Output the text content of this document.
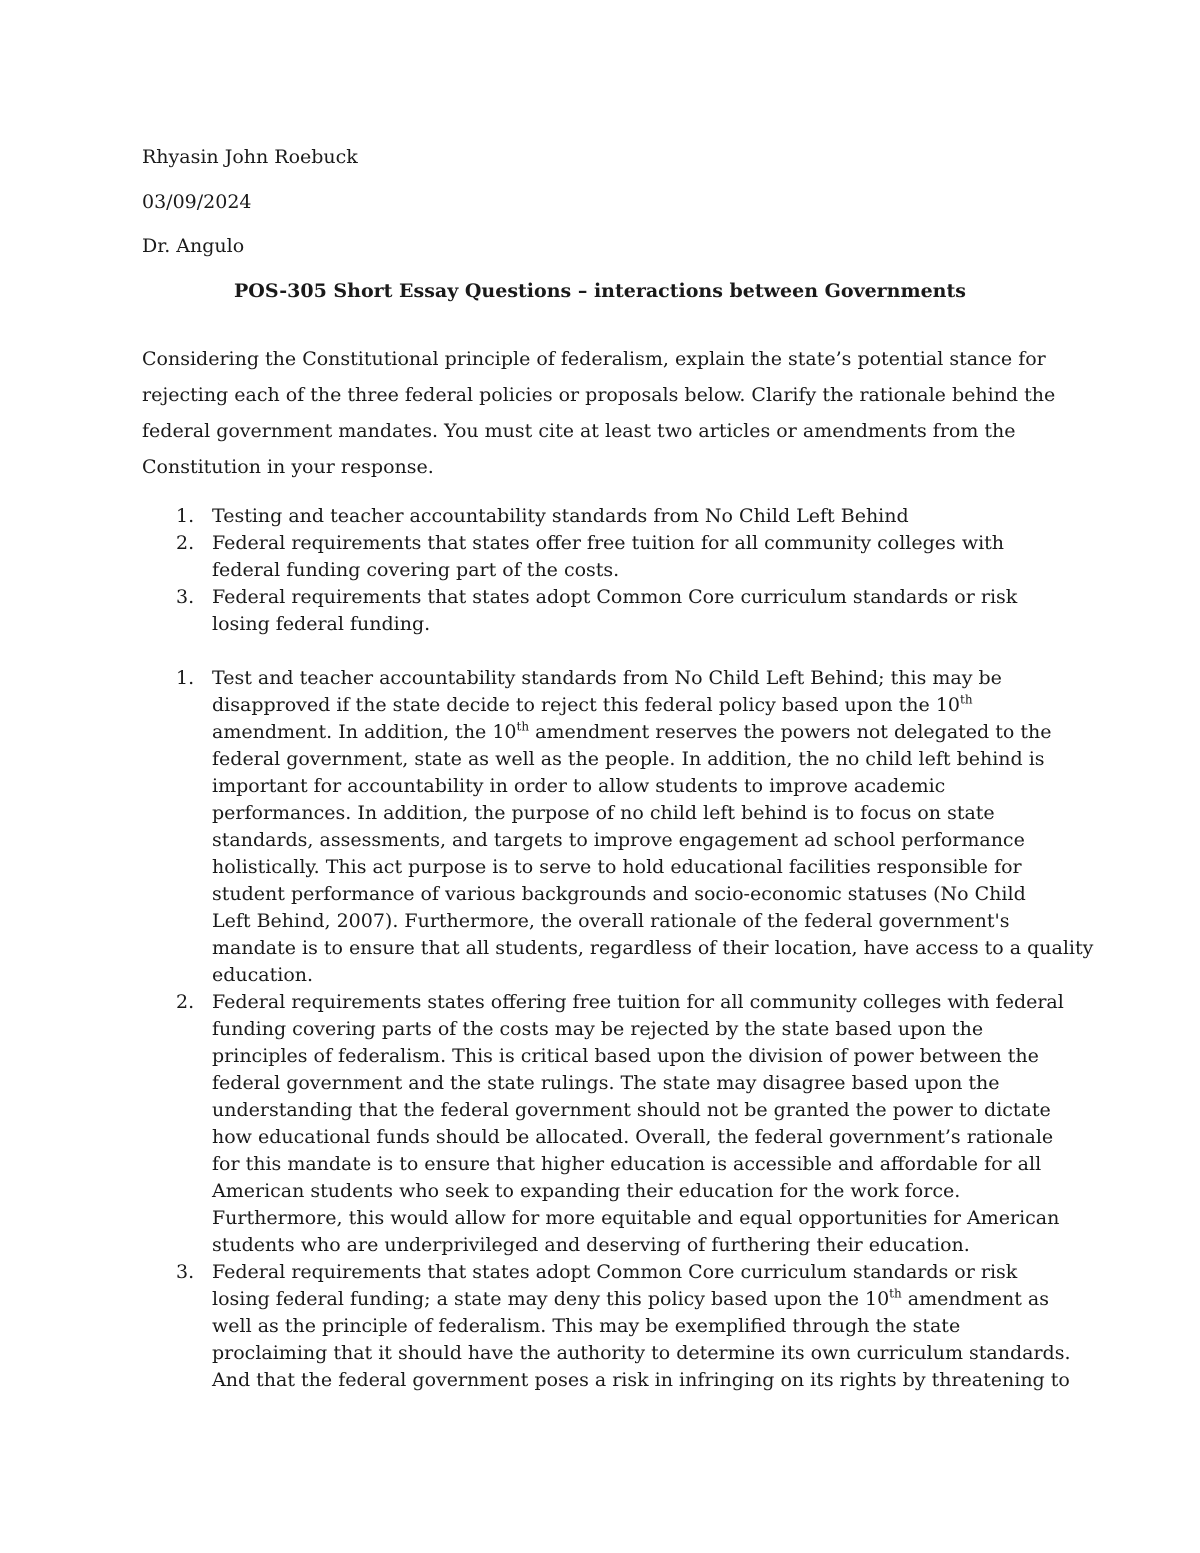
Rhyasin John Roebuck
03/09/2024
Dr. Angulo
POS-305 Short Essay Questions – interactions between Governments
Considering the Constitutional principle of federalism, explain the state’s potential stance for
rejecting each of the three federal policies or proposals below. Clarify the rationale behind the
federal government mandates. You must cite at least two articles or amendments from the
Constitution in your response.
1. Testing and teacher accountability standards from No Child Left Behind
2. Federal requirements that states offer free tuition for all community colleges with
federal funding covering part of the costs.
3. Federal requirements that states adopt Common Core curriculum standards or risk
losing federal funding.
1. Test and teacher accountability standards from No Child Left Behind; this may be
disapproved if the state decide to reject this federal policy based upon the 10th
amendment. In addition, the 10th amendment reserves the powers not delegated to the
federal government, state as well as the people. In addition, the no child left behind is
important for accountability in order to allow students to improve academic
performances. In addition, the purpose of no child left behind is to focus on state
standards, assessments, and targets to improve engagement ad school performance
holistically. This act purpose is to serve to hold educational facilities responsible for
student performance of various backgrounds and socio-economic statuses (No Child
Left Behind, 2007). Furthermore, the overall rationale of the federal government's
mandate is to ensure that all students, regardless of their location, have access to a quality
education.
2. Federal requirements states offering free tuition for all community colleges with federal
funding covering parts of the costs may be rejected by the state based upon the
principles of federalism. This is critical based upon the division of power between the
federal government and the state rulings. The state may disagree based upon the
understanding that the federal government should not be granted the power to dictate
how educational funds should be allocated. Overall, the federal government’s rationale
for this mandate is to ensure that higher education is accessible and affordable for all
American students who seek to expanding their education for the work force.
Furthermore, this would allow for more equitable and equal opportunities for American
students who are underprivileged and deserving of furthering their education.
3. Federal requirements that states adopt Common Core curriculum standards or risk
losing federal funding; a state may deny this policy based upon the 10th amendment as
well as the principle of federalism. This may be exemplified through the state
proclaiming that it should have the authority to determine its own curriculum standards.
And that the federal government poses a risk in infringing on its rights by threatening to
